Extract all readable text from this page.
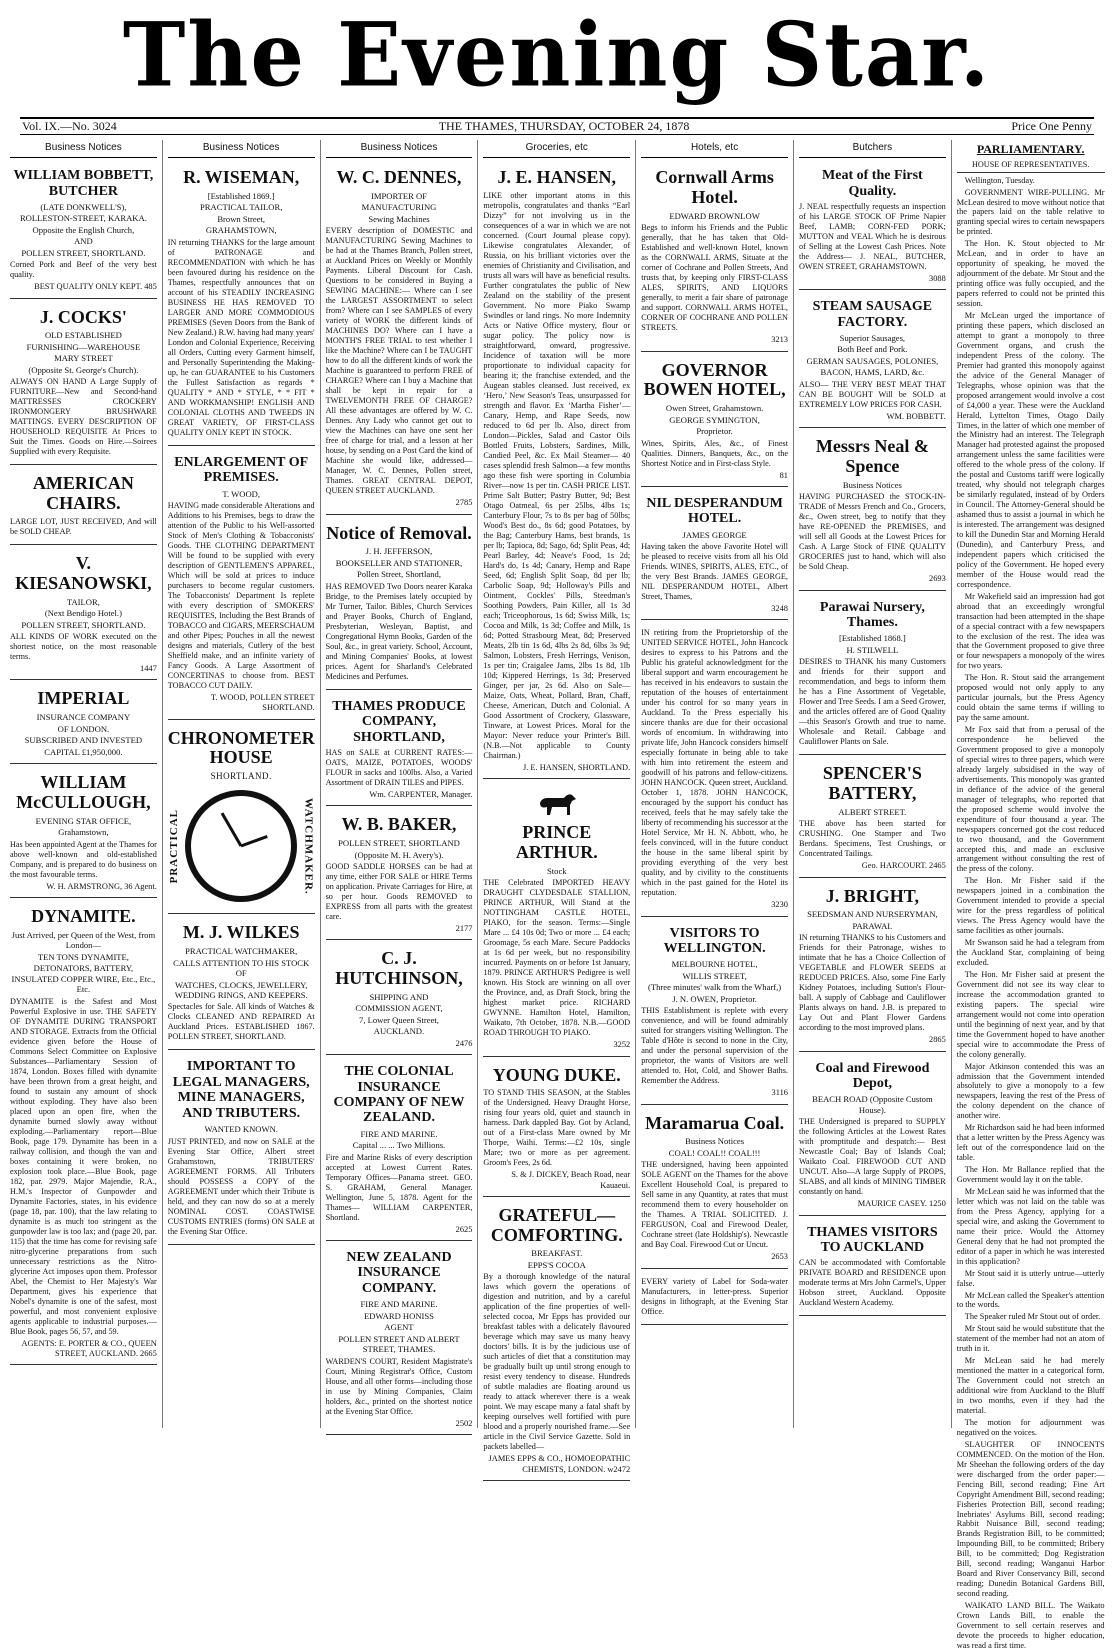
The Evening Star.
Vol. IX.—No. 3024	THE THAMES, THURSDAY, OCTOBER 24, 1878	Price One Penny
Business Notices
WILLIAM BOBBETT, BUTCHER
(LATE DONKWELL'S),
ROLLESTON-STREET, KARAKA.
Opposite the English Church,
AND
POLLEN STREET, SHORTLAND.
Corned Pork and Beef of the very best quality.
BEST QUALITY ONLY KEPT. 485
J. COCKS'
OLD ESTABLISHED
FURNISHING—WAREHOUSE
MARY STREET
(Opposite St. George's Church).
ALWAYS ON HAND A Large Supply of FURNITURE—New and Second-hand MATTRESSES CROCKERY IRONMONGERY BRUSHWARE MATTINGS. EVERY DESCRIPTION OF HOUSEHOLD REQUISITE At Prices to Suit the Times. Goods on Hire.—Soirees Supplied with every Requisite.
AMERICAN CHAIRS.
LARGE LOT, JUST RECEIVED, And will be SOLD CHEAP.
V. KIESANOWSKI,
TAILOR,
(Next Bendigo Hotel.)
POLLEN STREET, SHORTLAND.
ALL KINDS OF WORK executed on the shortest notice, on the most reasonable terms.
1447
IMPERIAL
INSURANCE COMPANY
OF LONDON.
SUBSCRIBED AND INVESTED
CAPITAL £1,950,000.
WILLIAM McCULLOUGH,
EVENING STAR OFFICE,
Grahamstown,
Has been appointed Agent at the Thames for above well-known and old-established Company, and is prepared to do business on the most favourable terms.
W. H. ARMSTRONG, 36 Agent.
DYNAMITE.
Just Arrived, per Queen of the West, from London—
TEN TONS DYNAMITE,
DETONATORS, BATTERY, INSULATED COPPER WIRE, Etc., Etc., Etc.
DYNAMITE is the Safest and Most Powerful Explosive in use. THE SAFETY OF DYNAMITE DURING TRANSPORT AND STORAGE. Extracts from the Official evidence given before the House of Commons Select Committee on Explosive Substances—Parliamentary Session of 1874, London. Boxes filled with dynamite have been thrown from a great height, and found to sustain any amount of shock without exploding. They have also been placed upon an open fire, when the dynamite burned slowly away without exploding.—Parliamentary report—Blue Book, page 179. Dynamite has been in a railway collision, and though the van and boxes containing it were broken, no explosion took place.—Blue Book, page 182, par. 2979. Major Majendie, R.A., H.M.'s Inspector of Gunpowder and Dynamite Factories, states, in his evidence (page 18, par. 100), that the law relating to dynamite is as much too stringent as the gunpowder law is too lax; and (page 20, par. 115) that the time has come for revising safe nitro-glycerine preparations from such unnecessary restrictions as the Nitro-glycerine Act imposes upon them. Professor Abel, the Chemist to Her Majesty's War Department, gives his experience that Nobel's dynamite is one of the safest, most powerful, and most convenient explosive agents applicable to industrial purposes.—Blue Book, pages 56, 57, and 59.
AGENTS: E. PORTER & CO., QUEEN STREET, AUCKLAND. 2665
Business Notices
R. WISEMAN,
[Established 1869.]
PRACTICAL TAILOR,
Brown Street,
GRAHAMSTOWN,
IN returning THANKS for the large amount of PATRONAGE and RECOMMENDATION with which he has been favoured during his residence on the Thames, respectfully announces that on account of his STEADILY INCREASING BUSINESS HE HAS REMOVED TO LARGER AND MORE COMMODIOUS PREMISES (Seven Doors from the Bank of New Zealand.) R.W. having had many years' London and Colonial Experience, Receiving all Orders, Cutting every Garment himself, and Personally Superintending the Making-up, he can GUARANTEE to his Customers the Fullest Satisfaction as regards * QUALITY * AND * STYLE, * * FIT * AND WORKMANSHIP! ENGLISH AND COLONIAL CLOTHS AND TWEEDS IN GREAT VARIETY, OF FIRST-CLASS QUALITY ONLY KEPT IN STOCK.
ENLARGEMENT OF PREMISES.
T. WOOD,
HAVING made considerable Alterations and Additions to his Premises, begs to draw the attention of the Public to his Well-assorted Stock of Men's Clothing & Tobacconists' Goods. THE CLOTHING DEPARTMENT Will be found to be supplied with every description of GENTLEMEN'S APPAREL, Which will be sold at prices to induce purchasers to become regular customers. The Tobacconists' Department Is replete with every description of SMOKERS' REQUISITES, Including the Best Brands of TOBACCO and CIGARS, MEERSCHAUM and other Pipes; Pouches in all the newest designs and materials, Cutlery of the best Sheffield make, and an infinite variety of Fancy Goods. A Large Assortment of CONCERTINAS to choose from. BEST TOBACCO CUT DAILY.
T. WOOD, POLLEN STREET SHORTLAND.
CHRONOMETER HOUSE
SHORTLAND.
PRACTICAL	WATCHMAKER.
M. J. WILKES
PRACTICAL WATCHMAKER,
CALLS ATTENTION TO HIS STOCK OF
WATCHES, CLOCKS, JEWELLERY, WEDDING RINGS, AND KEEPERS.
Spectacles for Sale. All kinds of Watches & Clocks CLEANED AND REPAIRED At Auckland Prices. ESTABLISHED 1867. POLLEN STREET, SHORTLAND.
IMPORTANT TO LEGAL MANAGERS, MINE MANAGERS, AND TRIBUTERS.
WANTED KNOWN.
JUST PRINTED, and now on SALE at the Evening Star Office, Albert street Grahamstown, TRIBUTERS' AGREEMENT FORMS. All Tributers should POSSESS a COPY of the AGREEMENT under which their Tribute is held, and they can now do so at a merely NOMINAL COST. COASTWISE CUSTOMS ENTRIES (forms) ON SALE at the Evening Star Office.
Business Notices
W. C. DENNES,
IMPORTER OF
MANUFACTURING
Sewing Machines
EVERY description of DOMESTIC and MANUFACTURING Sewing Machines to be had at the Thames Branch, Pollen street, at Auckland Prices on Weekly or Monthly Payments. Liberal Discount for Cash. Questions to be considered in Buying a SEWING MACHINE:— Where can I see the LARGEST ASSORTMENT to select from? Where can I see SAMPLES of every variety of WORK the different kinds of MACHINES DO? Where can I have a MONTH'S FREE TRIAL to test whether I like the Machine? Where can I be TAUGHT how to do all the different kinds of work the Machine is guaranteed to perform FREE of CHARGE? Where can I buy a Machine that shall be kept in repair for a TWELVEMONTH FREE OF CHARGE? All these advantages are offered by W. C. Dennes. Any Lady who cannot get out to view the Machines can have one sent her free of charge for trial, and a lesson at her house, by sending on a Post Card the kind of Machine she would like, addressed—Manager, W. C. Dennes, Pollen street, Thames. GREAT CENTRAL DEPOT, QUEEN STREET AUCKLAND.
2785
Notice of Removal.
J. H. JEFFERSON,
BOOKSELLER AND STATIONER,
Pollen Street, Shortland,
HAS REMOVED Two Doors nearer Karaka Bridge, to the Premises lately occupied by Mr Turner, Tailor. Bibles, Church Services and Prayer Books, Church of England, Presbyterian, Wesleyan, Baptist, and Congregational Hymn Books, Garden of the Soul, &c., in great variety. School, Account, and Mining Companies' Books, at lowest prices. Agent for Sharland's Celebrated Medicines and Perfumes.
THAMES PRODUCE COMPANY, SHORTLAND,
HAS on SALE at CURRENT RATES:— OATS, MAIZE, POTATOES, WOODS' FLOUR in sacks and 100lbs. Also, a Varied Assortment of DRAIN TILES and PIPES.
Wm. CARPENTER, Manager.
W. B. BAKER,
POLLEN STREET, SHORTLAND
(Opposite M. H. Avery's).
GOOD SADDLE HORSES can be had at any time, either FOR SALE or HIRE Terms on application. Private Carriages for Hire, at so per hour. Goods REMOVED to EXPRESS from all parts with the greatest care.
2177
C. J. HUTCHINSON,
SHIPPING AND
COMMISSION AGENT,
7, Lower Queen Street,
AUCKLAND.
2476
THE COLONIAL INSURANCE COMPANY OF NEW ZEALAND.
FIRE AND MARINE.
Capital ... ... Two Millions.
Fire and Marine Risks of every description accepted at Lowest Current Rates. Temporary Offices—Panama street. GEO. S. GRAHAM, General Manager. Wellington, June 5, 1878. Agent for the Thames— WILLIAM CARPENTER, Shortland.
2625
NEW ZEALAND INSURANCE COMPANY.
FIRE AND MARINE.
EDWARD HONISS
AGENT
POLLEN STREET AND ALBERT STREET, THAMES.
WARDEN'S COURT, Resident Magistrate's Court, Mining Registrar's Office, Custom House, and all other forms—including those in use by Mining Companies, Claim holders, &c., printed on the shortest notice at the Evening Star Office.
2502
Groceries, etc
J. E. HANSEN,
LIKE other important atoms in this metropolis, congratulates and thanks “Earl Dizzy” for not involving us in the consequences of a war in which we are not concerned. (Court Journal please copy). Likewise congratulates Alexander, of Russia, on his brilliant victories over the enemies of Christianity and Civilisation, and trusts all wars will have as beneficial results. Further congratulates the public of New Zealand on the stability of the present Government. No more Piako Swamp Swindles or land rings. No more Indemnity Acts or Native Office mystery, flour or sugar policy. The policy now is straightforward, onward, progressive. Incidence of taxation will be more proportionate to individual capacity for bearing it; the franchise extended, and the Augean stables cleansed. Just received, ex ‘Hero,’ New Season's Teas, unsurpassed for strength and flavor. Ex ‘Martha Fisher’—Canary, Hemp, and Rape Seeds, now reduced to 6d per lb. Also, direct from London—Pickles, Salad and Castor Oils Bottled Fruits, Lobsters, Sardines, Milk, Candied Peel, &c. Ex Mail Steamer— 40 cases splendid fresh Salmon—a few months ago these fish were sporting in Columbia River—now 1s per tin. CASH PRICE LIST. Prime Salt Butter; Pastry Butter, 9d; Best Otago Oatmeal, 6s per 25lbs, 4lbs 1s; Canterbury Flour, 7s to 8s per bag of 50lbs; Wood's Best do., 8s 6d; good Potatoes, by the Bag; Canterbury Hams, best brands, 1s per lb; Tapioca, 8d; Sago, 6d; Split Peas, 4d; Pearl Barley, 4d; Neave's Food, 1s 2d; Hard's do, 1s 4d; Canary, Hemp and Rape Seed, 6d; English Split Soap, 8d per lb; Carbolic Soap, 9d; Holloway's Pills and Ointment, Cockles' Pills, Steedman's Soothing Powders, Pain Killer, all 1s 3d each; Triceophorous, 1s 6d; Swiss Milk, 1s; Cocoa and Milk, 1s 3d; Coffee and Milk, 1s 6d; Potted Strasbourg Meat, 8d; Preserved Meats, 2lb tin 1s 6d, 4lbs 2s 8d, 6lbs 3s 9d; Salmon, Lobsters, Fresh Herrings, Venison, 1s per tin; Craigalee Jams, 2lbs 1s 8d, 1lb 10d; Kippered Herrings, 1s 3d; Preserved Ginger, per jar, 2s 6d. Also on Sale— Maize, Oats, Wheat, Pollard, Bran, Chaff, Cheese, American, Dutch and Colonial. A Good Assortment of Crockery, Glassware, Tinware, at Lowest Prices. Moral for the Mayor: Never reduce your Printer's Bill. (N.B.—Not applicable to County Chairman.)
J. E. HANSEN, SHORTLAND.
PRINCE ARTHUR.
Stock
THE Celebrated IMPORTED HEAVY DRAUGHT CLYDESDALE STALLION, PRINCE ARTHUR, Will Stand at the NOTTINGHAM CASTLE HOTEL, PIAKO, for the season. Terms:—Single Mare ... £4 10s 0d; Two or more ... £4 each; Groomage, 5s each Mare. Secure Paddocks at 1s 6d per week, but no responsibility incurred. Payments on or before 1st January, 1879. PRINCE ARTHUR'S Pedigree is well known. His Stock are winning on all over the Province, and, as Draft Stock, bring the highest market price. RICHARD GWYNNE. Hamilton Hotel, Hamilton, Waikato, 7th October, 1878. N.B.—GOOD ROAD THROUGH TO PIAKO.
3252
YOUNG DUKE.
TO STAND THIS SEASON, at the Stables of the Undersigned. Heavy Draught Horse, rising four years old, quiet and staunch in harness. Dark dappled Bay. Got by Acland, out of a First-class Mare owned by Mr Thorpe, Waihi. Terms:—£2 10s, single Mare; two or more as per agreement. Groom's Fees, 2s 6d.
S. & J. DICKEY, Beach Road, near Kauaeui.
GRATEFUL—COMFORTING.
BREAKFAST.
EPPS'S COCOA
By a thorough knowledge of the natural laws which govern the operations of digestion and nutrition, and by a careful application of the fine properties of well-selected cocoa, Mr Epps has provided our breakfast tables with a delicately flavoured beverage which may save us many heavy doctors' bills. It is by the judicious use of such articles of diet that a constitution may be gradually built up until strong enough to resist every tendency to disease. Hundreds of subtle maladies are floating around us ready to attack wherever there is a weak point. We may escape many a fatal shaft by keeping ourselves well fortified with pure blood and a properly nourished frame.—See article in the Civil Service Gazette. Sold in packets labelled—
JAMES EPPS & CO., HOMOEOPATHIC CHEMISTS, LONDON. w2472
Hotels, etc
Cornwall Arms Hotel.
EDWARD BROWNLOW
Begs to inform his Friends and the Public generally, that he has taken that Old-Established and well-known Hotel, known as the CORNWALL ARMS, Situate at the corner of Cochrane and Pollen Streets, And trusts that, by keeping only FIRST-CLASS ALES, SPIRITS, AND LIQUORS generally, to merit a fair share of patronage and support. CORNWALL ARMS HOTEL, CORNER OF COCHRANE AND POLLEN STREETS.
3213
GOVERNOR BOWEN HOTEL,
Owen Street, Grahamstown.
GEORGE SYMINGTON,
Proprietor.
Wines, Spirits, Ales, &c., of Finest Qualities. Dinners, Banquets, &c., on the Shortest Notice and in First-class Style.
81
NIL DESPERANDUM HOTEL.
JAMES GEORGE
Having taken the above Favorite Hotel will be pleased to receive visits from all his Old Friends. WINES, SPIRITS, ALES, ETC., of the very Best Brands. JAMES GEORGE, NIL DESPERANDUM HOTEL, Albert Street, Thames,
3248
IN retiring from the Proprietorship of the UNITED SERVICE HOTEL, John Hancock desires to express to his Patrons and the Public his grateful acknowledgment for the liberal support and warm encouragement he has received in his endeavors to sustain the reputation of the houses of entertainment under his control for so many years in Auckland. To the Press especially his sincere thanks are due for their occasional words of encomium. In withdrawing into private life, John Hancock considers himself especially fortunate in being able to take with him into retirement the esteem and goodwill of his patrons and fellow-citizens. JOHN HANCOCK. Queen street, Auckland. October 1, 1878. JOHN HANCOCK, encouraged by the support his conduct has received, feels that he may safely take the liberty of recommending his successor at the Hotel Service, Mr H. N. Abbott, who, he feels convinced, will in the future conduct the house in the same liberal spirit by providing everything of the very best quality, and by civility to the constituents which in the past gained for the Hotel its reputation.
3230
VISITORS TO WELLINGTON.
MELBOURNE HOTEL,
WILLIS STREET,
(Three minutes' walk from the Wharf,)
J. N. OWEN, Proprietor.
THIS Establishment is replete with every convenience, and will be found admirably suited for strangers visiting Wellington. The Table d'Hôte is second to none in the City, and under the personal supervision of the proprietor, the wants of Visitors are well attended to. Hot, Cold, and Shower Baths. Remember the Address.
3116
Maramarua Coal.
Business Notices
COAL! COAL!! COAL!!!
THE undersigned, having been appointed SOLE AGENT on the Thames for the above Excellent Household Coal, is prepared to Sell same in any Quantity, at rates that must recommend them to every householder on the Thames. A TRIAL SOLICITED. J. FERGUSON, Coal and Firewood Dealer, Cochrane street (late Holdship's). Newcastle and Bay Coal. Firewood Cut or Uncut.
2653
EVERY variety of Label for Soda-water Manufacturers, in letter-press. Superior designs in lithograph, at the Evening Star Office.
Butchers
Meat of the First Quality.
J. NEAL respectfully requests an inspection of his LARGE STOCK OF Prime Napier Beef, LAMB; CORN-FED PORK; MUTTON and VEAL Which he is desirous of Selling at the Lowest Cash Prices. Note the Address— J. NEAL, BUTCHER, OWEN STREET, GRAHAMSTOWN.
3088
STEAM SAUSAGE FACTORY.
Superior Sausages,
Both Beef and Pork.
GERMAN SAUSAGES, POLONIES,
BACON, HAMS, LARD, &c.
ALSO— THE VERY BEST MEAT THAT CAN BE BOUGHT Will be SOLD at EXTREMELY LOW PRICES FOR CASH.
WM. BOBBETT.
Messrs Neal & Spence
Business Notices
HAVING PURCHASED the STOCK-IN-TRADE of Messrs French and Co., Grocers, &c., Owen street, beg to notify that they have RE-OPENED the PREMISES, and will sell all Goods at the Lowest Prices for Cash. A Large Stock of FINE QUALITY GROCERIES just to hand, which will also be Sold Cheap.
2693
Parawai Nursery, Thames.
[Established 1868.]
H. STILWELL
DESIRES to THANK his many Customers and friends for their support and recommendation, and begs to inform them he has a Fine Assortment of Vegetable, Flower and Tree Seeds. I am a Seed Grower, and the articles offered are of Good Quality—this Season's Growth and true to name. Wholesale and Retail. Cabbage and Cauliflower Plants on Sale.
SPENCER'S BATTERY,
ALBERT STREET.
THE above has been started for CRUSHING. One Stamper and Two Berdans. Specimens, Test Crushings, or Concentrated Tailings.
Geo. HARCOURT. 2465
J. BRIGHT,
SEEDSMAN AND NURSERYMAN,
PARAWAI.
IN returning THANKS to his Customers and Friends for their Patronage, wishes to intimate that he has a Choice Collection of VEGETABLE and FLOWER SEEDS at REDUCED PRICES. Also, some Fine Early Kidney Potatoes, including Sutton's Flour-ball. A supply of Cabbage and Cauliflower Plants always on hand. J.B. is prepared to Lay Out and Plant Flower Gardens according to the most improved plans.
2865
Coal and Firewood Depot,
BEACH ROAD (Opposite Custom House).
THE Undersigned is prepared to SUPPLY the following Articles at the Lowest Rates with promptitude and despatch:— Best Newcastle Coal; Bay of Islands Coal; Waikato Coal. FIREWOOD CUT AND UNCUT. Also—A large Supply of PROPS, SLABS, and all kinds of MINING TIMBER constantly on hand.
MAURICE CASEY. 1250
THAMES VISITORS TO AUCKLAND
CAN be accommodated with Comfortable PRIVATE BOARD and RESIDENCE upon moderate terms at Mrs John Carmel's, Upper Hobson street, Auckland. Opposite Auckland Western Academy.
PARLIAMENTARY.
HOUSE OF REPRESENTATIVES.

Wellington, Tuesday.

GOVERNMENT WIRE-PULLING. Mr McLean desired to move without notice that the papers laid on the table relative to granting special wires to certain newspapers be printed.

The Hon. K. Stout objected to Mr McLean, and in order to have an opportunity of speaking, he moved the adjournment of the debate. Mr Stout and the printing office was fully occupied, and the papers referred to could not be printed this session.

Mr McLean urged the importance of printing these papers, which disclosed an attempt to grant a monopoly to three Government organs, and crush the independent Press of the colony. The Premier had granted this monopoly against the advice of the General Manager of Telegraphs, whose opinion was that the proposed arrangement would involve a cost of £4,000 a year. These were the Auckland Herald, Lyttelton Times, Otago Daily Times, in the latter of which one member of the Ministry had an interest. The Telegraph Manager had protested against the proposed arrangement unless the same facilities were offered to the whole press of the colony. If the postal and Customs tariff were logically treated, why should not telegraph charges be similarly regulated, instead of by Orders in Council. The Attorney-General should be ashamed thus to assist a journal in which he is interested. The arrangement was designed to kill the Dunedin Star and Morning Herald (Dunedin), and Canterbury Press, and independent papers which criticised the policy of the Government. He hoped every member of the House would read the correspondence.

Mr Wakefield said an impression had got abroad that an exceedingly wrongful transaction had been attempted in the shape of a special contract with a few newspapers to the exclusion of the rest. The idea was that the Government proposed to give three or four newspapers a monopoly of the wires for two years.

The Hon. R. Stout said the arrangement proposed would not only apply to any particular journals, but the Press Agency could obtain the same terms if willing to pay the same amount.

Mr Fox said that from a perusal of the correspondence he believed the Government proposed to give a monopoly of special wires to three papers, which were already largely subsidised in the way of advertisements. This monopoly was granted in defiance of the advice of the general manager of telegraphs, who reported that the proposed scheme would involve the expenditure of four thousand a year. The newspapers concerned got the cost reduced to two thousand, and the Government accepted this, and made an exclusive arrangement without consulting the rest of the press of the colony.

The Hon. Mr Fisher said if the newspapers joined in a combination the Government intended to provide a special wire for the press regardless of political views. The Press Agency would have the same facilities as other journals.

Mr Swanson said he had a telegram from the Auckland Star, complaining of being excluded.

The Hon. Mr Fisher said at present the Government did not see its way clear to increase the accommodation granted to existing papers. The special wire arrangement would not come into operation until the beginning of next year, and by that time the Government hoped to have another special wire to accommodate the Press of the colony generally.

Major Atkinson contended this was an admission that the Government intended absolutely to give a monopoly to a few newspapers, leaving the rest of the Press of the colony dependent on the chance of another wire.

Mr Richardson said he had been informed that a letter written by the Press Agency was left out of the correspondence laid on the table.

The Hon. Mr Ballance replied that the Government would lay it on the table.

Mr McLean said he was informed that the letter which was not laid on the table was from the Press Agency, applying for a special wire, and asking the Government to name their price. Would the Attorney General deny that he had not prompted the editor of a paper in which he was interested in this application?

Mr Stout said it is utterly untrue—utterly false.

Mr McLean called the Speaker's attention to the words.

The Speaker ruled Mr Stout out of order.

Mr Stout said he would substitute that the statement of the member had not an atom of truth in it.

Mr McLean said he had merely mentioned the matter in a categorical form. The Government could not stretch an additional wire from Auckland to the Bluff in two months, even if they had the material.

The motion for adjournment was negatived on the voices.

SLAUGHTER OF INNOCENTS COMMENCED. On the motion of the Hon. Mr Sheehan the following orders of the day were discharged from the order paper:—Fencing Bill, second reading; Fine Art Copyright Amendment Bill, second reading; Fisheries Protection Bill, second reading; Inebriates' Asylums Bill, second reading; Rabbit Nuisance Bill, second reading; Brands Registration Bill, to be committed; Impounding Bill, to be committed; Bribery Bill, to be committed; Dog Registration Bill, second reading; Wanganui Harbor Board and River Conservancy Bill, second reading; Dunedin Botanical Gardens Bill, second reading.

WAIKATO LAND BILL. The Waikato Crown Lands Bill, to enable the Government to sell certain reserves and devote the proceeds to higher education, was read a first time.
